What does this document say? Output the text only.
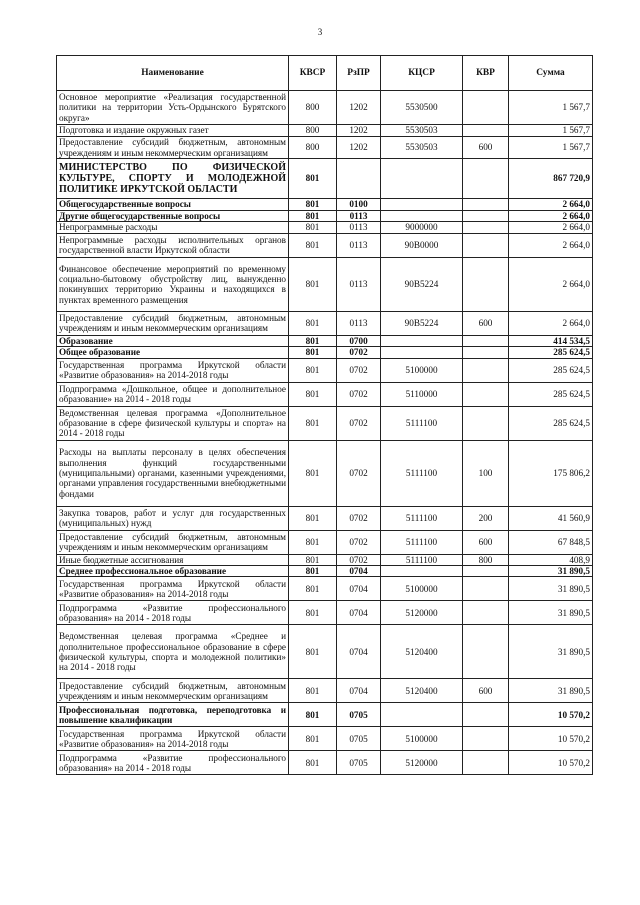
3
Наименование	КВСР	РзПР	КЦСР	КВР	Сумма
Основное мероприятие «Реализация государственной политики на территории Усть-Ордынского Бурятского округа»	800	1202	5530500		1 567,7
Подготовка и издание окружных газет	800	1202	5530503		1 567,7
Предоставление субсидий бюджетным, автономным учреждениям и иным некоммерческим организациям	800	1202	5530503	600	1 567,7
МИНИСТЕРСТВО ПО ФИЗИЧЕСКОЙ КУЛЬТУРЕ, СПОРТУ И МОЛОДЕЖНОЙ ПОЛИТИКЕ ИРКУТСКОЙ ОБЛАСТИ	801				867 720,9
Общегосударственные вопросы	801	0100			2 664,0
Другие общегосударственные вопросы	801	0113			2 664,0
Непрограммные расходы	801	0113	9000000		2 664,0
Непрограммные расходы исполнительных органов государственной власти Иркутской области	801	0113	90В0000		2 664,0
Финансовое обеспечение мероприятий по временному социально-бытовому обустройству лиц, вынужденно покинувших территорию Украины и находящихся в пунктах временного размещения	801	0113	90В5224		2 664,0
Предоставление субсидий бюджетным, автономным учреждениям и иным некоммерческим организациям	801	0113	90В5224	600	2 664,0
Образование	801	0700			414 534,5
Общее образование	801	0702			285 624,5
Государственная программа Иркутской области «Развитие образования» на 2014-2018 годы	801	0702	5100000		285 624,5
Подпрограмма «Дошкольное, общее и дополнительное образование» на 2014 - 2018 годы	801	0702	5110000		285 624,5
Ведомственная целевая программа «Дополнительное образование в сфере физической культуры и спорта» на 2014 - 2018 годы	801	0702	5111100		285 624,5
Расходы на выплаты персоналу в целях обеспечения выполнения функций государственными (муниципальными) органами, казенными учреждениями, органами управления государственными внебюджетными фондами	801	0702	5111100	100	175 806,2
Закупка товаров, работ и услуг для государственных (муниципальных) нужд	801	0702	5111100	200	41 560,9
Предоставление субсидий бюджетным, автономным учреждениям и иным некоммерческим организациям	801	0702	5111100	600	67 848,5
Иные бюджетные ассигнования	801	0702	5111100	800	408,9
Среднее профессиональное образование	801	0704			31 890,5
Государственная программа Иркутской области «Развитие образования» на 2014-2018 годы	801	0704	5100000		31 890,5
Подпрограмма «Развитие профессионального образования» на 2014 - 2018 годы	801	0704	5120000		31 890,5
Ведомственная целевая программа «Среднее и дополнительное профессиональное образование в сфере физической культуры, спорта и молодежной политики» на 2014 - 2018 годы	801	0704	5120400		31 890,5
Предоставление субсидий бюджетным, автономным учреждениям и иным некоммерческим организациям	801	0704	5120400	600	31 890,5
Профессиональная подготовка, переподготовка и повышение квалификации	801	0705			10 570,2
Государственная программа Иркутской области «Развитие образования» на 2014-2018 годы	801	0705	5100000		10 570,2
Подпрограмма «Развитие профессионального образования» на 2014 - 2018 годы	801	0705	5120000		10 570,2
